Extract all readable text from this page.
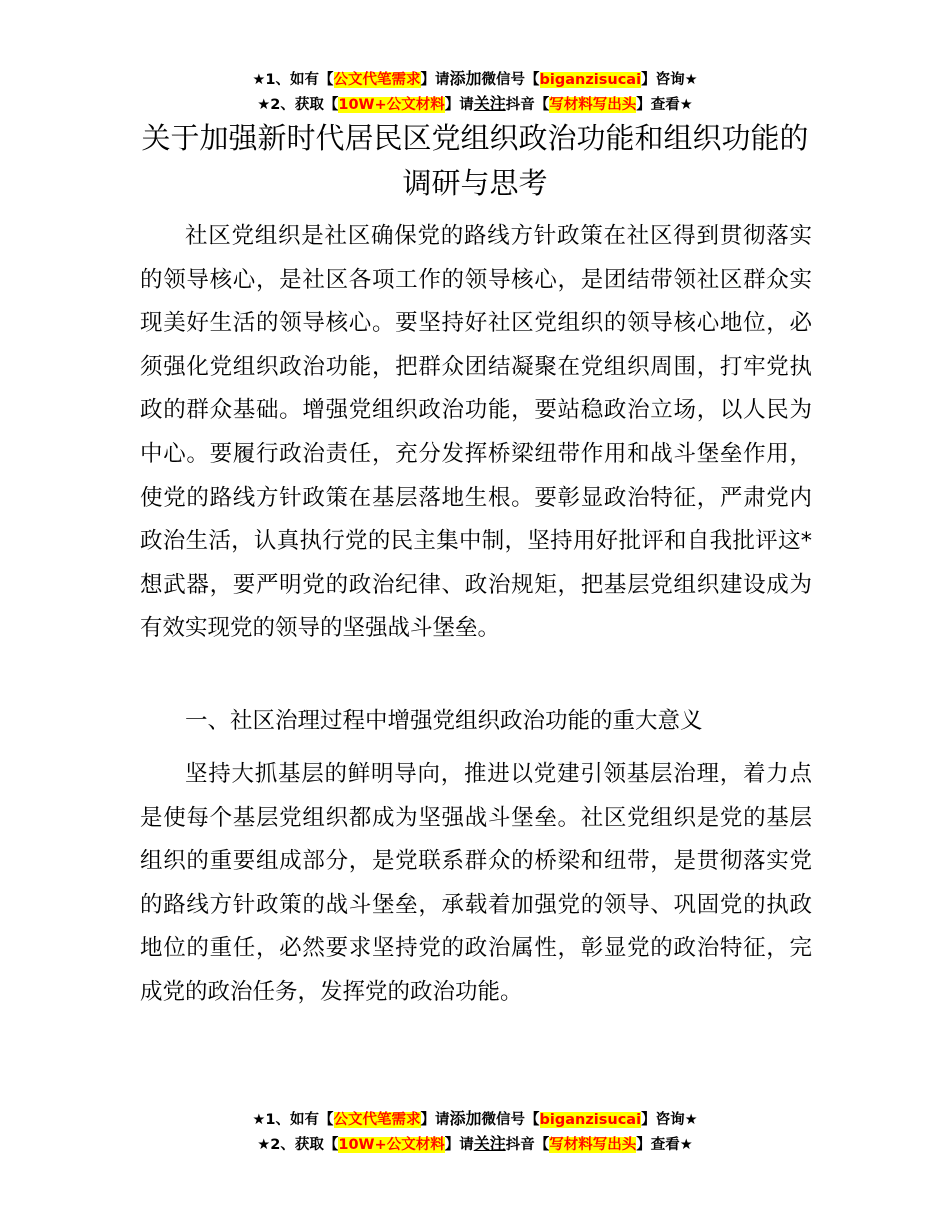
★1、如有【公文代笔需求】请添加微信号【biganzisucai】咨询★
★2、获取【10W+公文材料】请关注抖音【写材料写出头】查看★
关于加强新时代居民区党组织政治功能和组织功能的调研与思考

社区党组织是社区确保党的路线方针政策在社区得到贯彻落实的领导核心，是社区各项工作的领导核心，是团结带领社区群众实现美好生活的领导核心。要坚持好社区党组织的领导核心地位，必须强化党组织政治功能，把群众团结凝聚在党组织周围，打牢党执政的群众基础。增强党组织政治功能，要站稳政治立场，以人民为中心。要履行政治责任，充分发挥桥梁纽带作用和战斗堡垒作用，使党的路线方针政策在基层落地生根。要彰显政治特征，严肃党内政治生活，认真执行党的民主集中制，坚持用好批评和自我批评这*想武器，要严明党的政治纪律、政治规矩，把基层党组织建设成为有效实现党的领导的坚强战斗堡垒。

一、社区治理过程中增强党组织政治功能的重大意义

坚持大抓基层的鲜明导向，推进以党建引领基层治理，着力点是使每个基层党组织都成为坚强战斗堡垒。社区党组织是党的基层组织的重要组成部分，是党联系群众的桥梁和纽带，是贯彻落实党的路线方针政策的战斗堡垒，承载着加强党的领导、巩固党的执政地位的重任，必然要求坚持党的政治属性，彰显党的政治特征，完成党的政治任务，发挥党的政治功能。

★1、如有【公文代笔需求】请添加微信号【biganzisucai】咨询★
★2、获取【10W+公文材料】请关注抖音【写材料写出头】查看★
